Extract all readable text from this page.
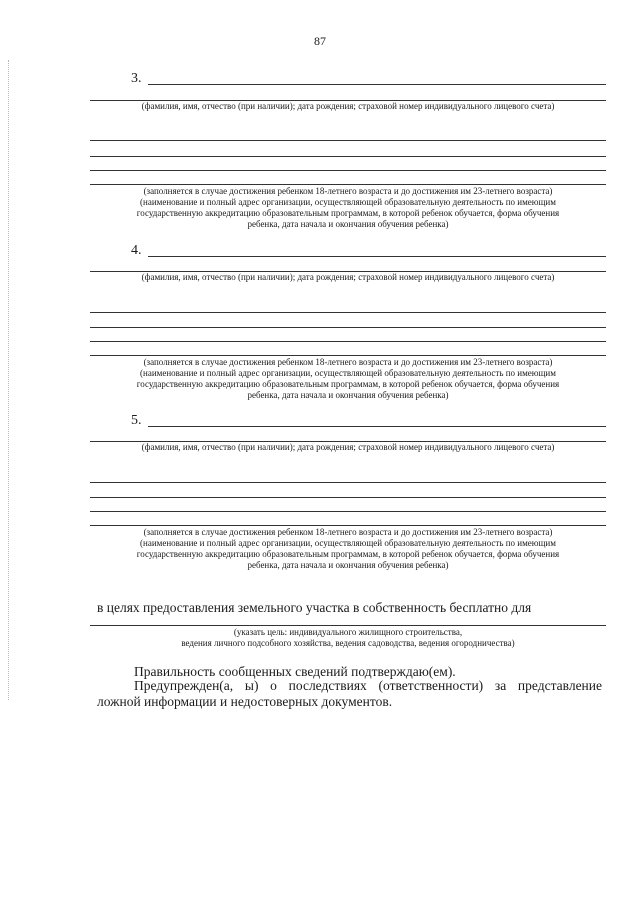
87
3.
(фамилия, имя, отчество (при наличии); дата рождения; страховой номер индивидуального лицевого счета)
(заполняется в случае достижения ребенком 18-летнего возраста и до достижения им 23-летнего возраста)
(наименование и полный адрес организации, осуществляющей образовательную деятельность по имеющим
государственную аккредитацию образовательным программам, в которой ребенок обучается, форма обучения
ребенка, дата начала и окончания обучения ребенка)
4.
(фамилия, имя, отчество (при наличии); дата рождения; страховой номер индивидуального лицевого счета)
(заполняется в случае достижения ребенком 18-летнего возраста и до достижения им 23-летнего возраста)
(наименование и полный адрес организации, осуществляющей образовательную деятельность по имеющим
государственную аккредитацию образовательным программам, в которой ребенок обучается, форма обучения
ребенка, дата начала и окончания обучения ребенка)
5.
(фамилия, имя, отчество (при наличии); дата рождения; страховой номер индивидуального лицевого счета)
(заполняется в случае достижения ребенком 18-летнего возраста и до достижения им 23-летнего возраста)
(наименование и полный адрес организации, осуществляющей образовательную деятельность по имеющим
государственную аккредитацию образовательным программам, в которой ребенок обучается, форма обучения
ребенка, дата начала и окончания обучения ребенка)
в целях предоставления земельного участка в собственность бесплатно для
(указать цель: индивидуального жилищного строительства,
ведения личного подсобного хозяйства, ведения садоводства, ведения огородничества)
Правильность сообщенных сведений подтверждаю(ем).
Предупрежден(а, ы) о последствиях (ответственности) за представление
ложной информации и недостоверных документов.
